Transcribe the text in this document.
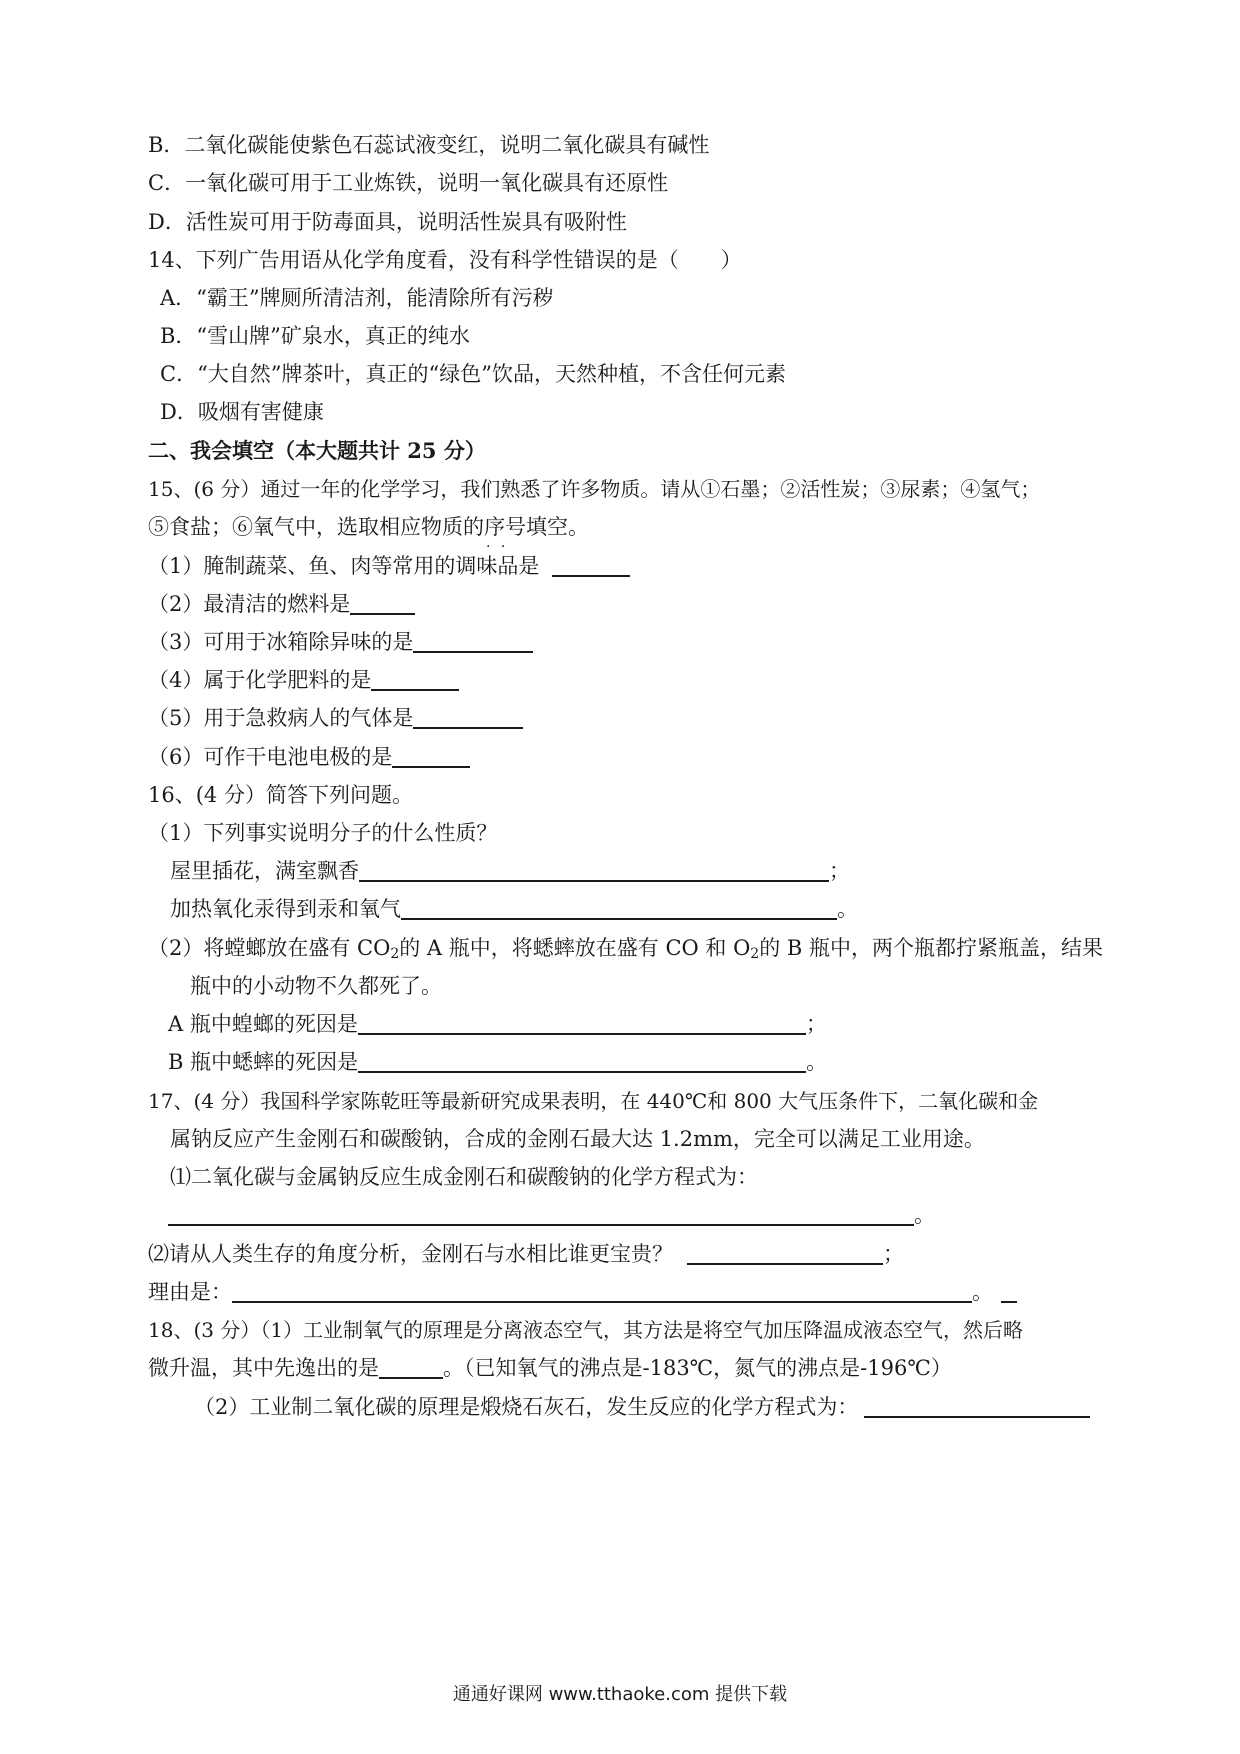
B．二氧化碳能使紫色石蕊试液变红，说明二氧化碳具有碱性
C．一氧化碳可用于工业炼铁，说明一氧化碳具有还原性
D．活性炭可用于防毒面具，说明活性炭具有吸附性
14、下列广告用语从化学角度看，没有科学性错误的是（　　）
A．“霸王”牌厕所清洁剂，能清除所有污秽
B．“雪山牌”矿泉水，真正的纯水
C．“大自然”牌茶叶，真正的“绿色”饮品，天然种植，不含任何元素
D．吸烟有害健康
二、我会填空（本大题共计 25 分）
15、(6 分）通过一年的化学学习，我们熟悉了许多物质。请从①石墨；②活性炭；③尿素；④氢气；
⑤食盐；⑥氧气中，选取相应物质的序号 · ·填空。
（1）腌制蔬菜、鱼、肉等常用的调味品是
（2）最清洁的燃料是
（3）可用于冰箱除异味的是
（4）属于化学肥料的是
（5）用于急救病人的气体是
（6）可作干电池电极的是
16、(4 分）简答下列问题。
（1）下列事实说明分子的什么性质？
屋里插花，满室飘香	；
加热氧化汞得到汞和氧气	。
（2）将螳螂放在盛有 $CO_2$的 A 瓶中，将蟋蟀放在盛有 CO 和 $O_2$的 B 瓶中，两个瓶都拧紧瓶盖，结果
瓶中的小动物不久都死了。
A 瓶中蝗螂的死因是	；
B 瓶中蟋蟀的死因是	。
17、(4 分）我国科学家陈乾旺等最新研究成果表明，在 440℃和 800 大气压条件下，二氧化碳和金
属钠反应产生金刚石和碳酸钠，合成的金刚石最大达 1.2mm，完全可以满足工业用途。
⑴二氧化碳与金属钠反应生成金刚石和碳酸钠的化学方程式为：
。
⑵请从人类生存的角度分析，金刚石与水相比谁更宝贵？	；
理由是：	。
18、(3 分）（1）工业制氧气的原理是分离液态空气，其方法是将空气加压降温成液态空气，然后略
微升温，其中先逸出的是	。（已知氧气的沸点是-183℃，氮气的沸点是-196℃）
（2）工业制二氧化碳的原理是煅烧石灰石，发生反应的化学方程式为：
通通好课网 www.tthaoke.com 提供下载
